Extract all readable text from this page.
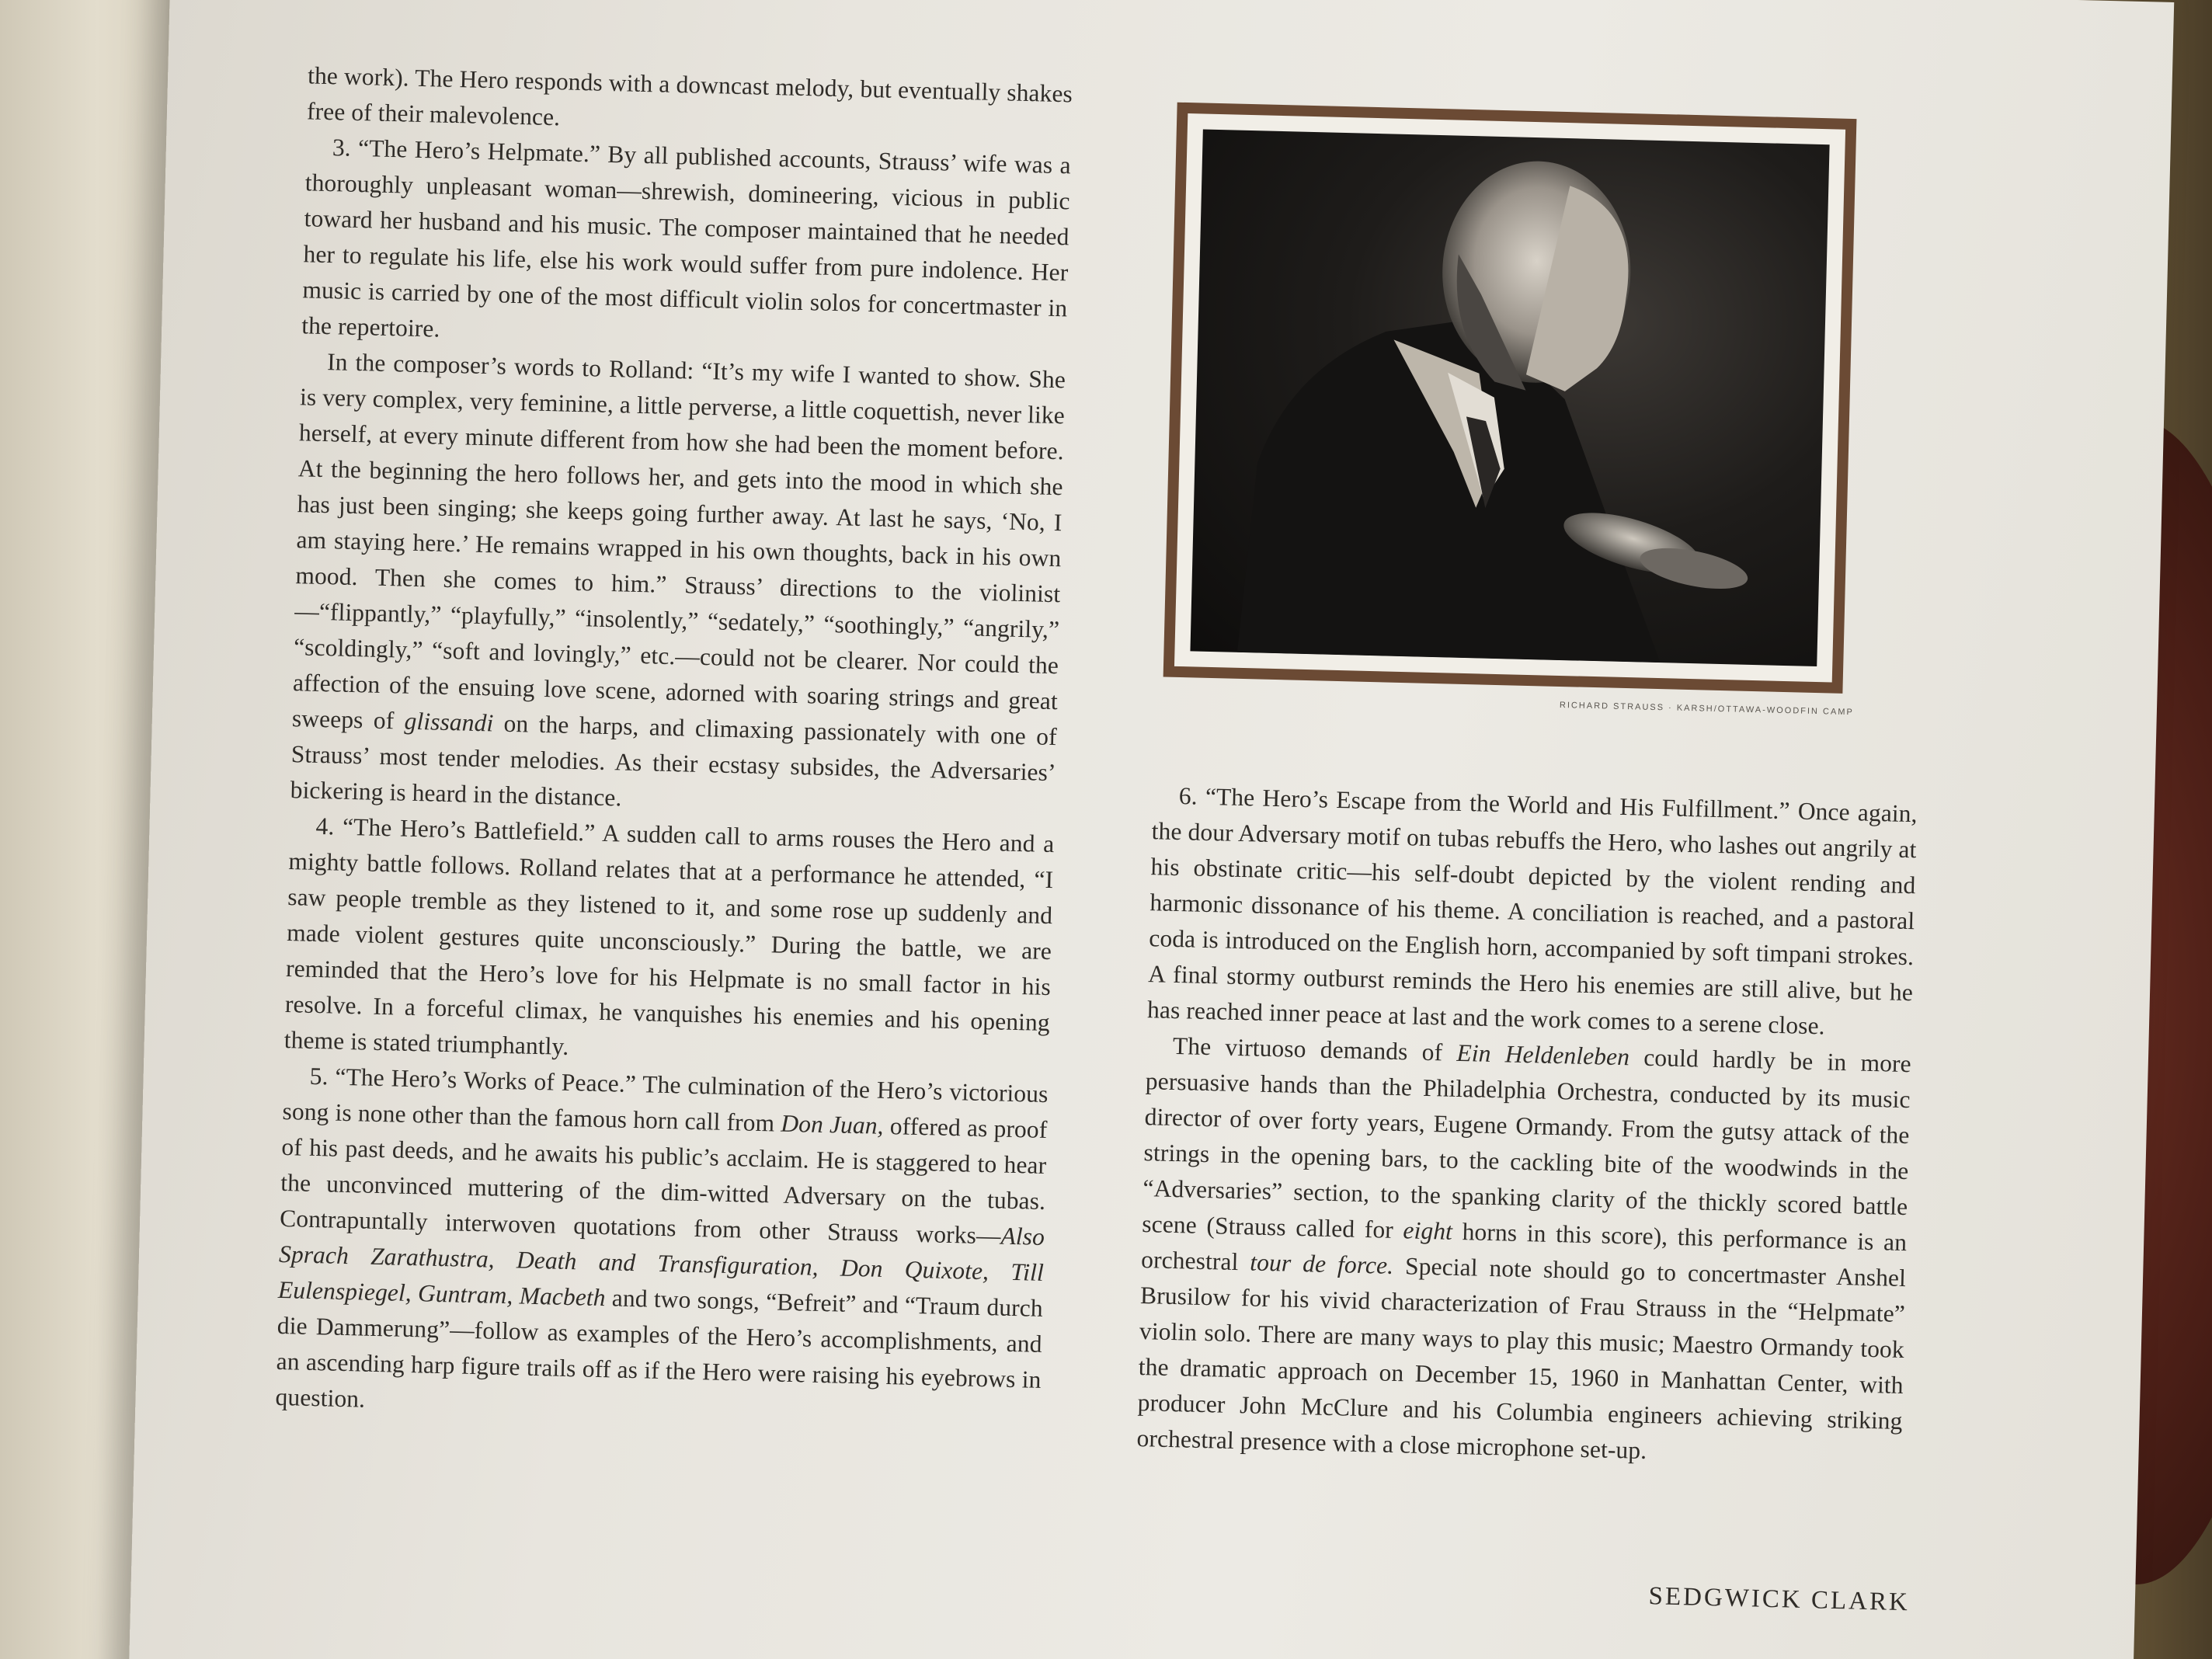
the work). The Hero responds with a downcast melody, but eventually shakes free of their malevolence.

3. “The Hero’s Helpmate.” By all published accounts, Strauss’ wife was a thoroughly unpleasant woman—shrewish, domineering, vicious in public toward her husband and his music. The composer maintained that he needed her to regulate his life, else his work would suffer from pure indolence. Her music is carried by one of the most difficult violin solos for concertmaster in the repertoire.

In the composer’s words to Rolland: “It’s my wife I wanted to show. She is very complex, very feminine, a little perverse, a little coquettish, never like herself, at every minute different from how she had been the moment before. At the beginning the hero follows her, and gets into the mood in which she has just been singing; she keeps going further away. At last he says, ‘No, I am staying here.’ He remains wrapped in his own thoughts, back in his own mood. Then she comes to him.” Strauss’ directions to the violinist—“flippantly,” “playfully,” “insolently,” “sedately,” “soothingly,” “angrily,” “scoldingly,” “soft and lovingly,” etc.—could not be clearer. Nor could the affection of the ensuing love scene, adorned with soaring strings and great sweeps of glissandi on the harps, and climaxing passionately with one of Strauss’ most tender melodies. As their ecstasy subsides, the Adversaries’ bickering is heard in the distance.

4. “The Hero’s Battlefield.” A sudden call to arms rouses the Hero and a mighty battle follows. Rolland relates that at a performance he attended, “I saw people tremble as they listened to it, and some rose up suddenly and made violent gestures quite unconsciously.” During the battle, we are reminded that the Hero’s love for his Helpmate is no small factor in his resolve. In a forceful climax, he vanquishes his enemies and his opening theme is stated triumphantly.

5. “The Hero’s Works of Peace.” The culmination of the Hero’s victorious song is none other than the famous horn call from Don Juan, offered as proof of his past deeds, and he awaits his public’s acclaim. He is staggered to hear the unconvinced muttering of the dim-witted Adversary on the tubas. Contrapuntally interwoven quotations from other Strauss works—Also Sprach Zarathustra, Death and Transfiguration, Don Quixote, Till Eulenspiegel, Guntram, Macbeth and two songs, “Befreit” and “Traum durch die Dammerung”—follow as examples of the Hero’s accomplishments, and an ascending harp figure trails off as if the Hero were raising his eyebrows in question.

RICHARD STRAUSS · KARSH/OTTAWA-WOODFIN CAMP

6. “The Hero’s Escape from the World and His Fulfillment.” Once again, the dour Adversary motif on tubas rebuffs the Hero, who lashes out angrily at his obstinate critic—his self-doubt depicted by the violent rending and harmonic dissonance of his theme. A conciliation is reached, and a pastoral coda is introduced on the English horn, accompanied by soft timpani strokes. A final stormy outburst reminds the Hero his enemies are still alive, but he has reached inner peace at last and the work comes to a serene close.

The virtuoso demands of Ein Heldenleben could hardly be in more persuasive hands than the Philadelphia Orchestra, conducted by its music director of over forty years, Eugene Ormandy. From the gutsy attack of the strings in the opening bars, to the cackling bite of the woodwinds in the “Adversaries” section, to the spanking clarity of the thickly scored battle scene (Strauss called for eight horns in this score), this performance is an orchestral tour de force. Special note should go to concertmaster Anshel Brusilow for his vivid characterization of Frau Strauss in the “Helpmate” violin solo. There are many ways to play this music; Maestro Ormandy took the dramatic approach on December 15, 1960 in Manhattan Center, with producer John McClure and his Columbia engineers achieving striking orchestral presence with a close microphone set-up.

SEDGWICK CLARK
